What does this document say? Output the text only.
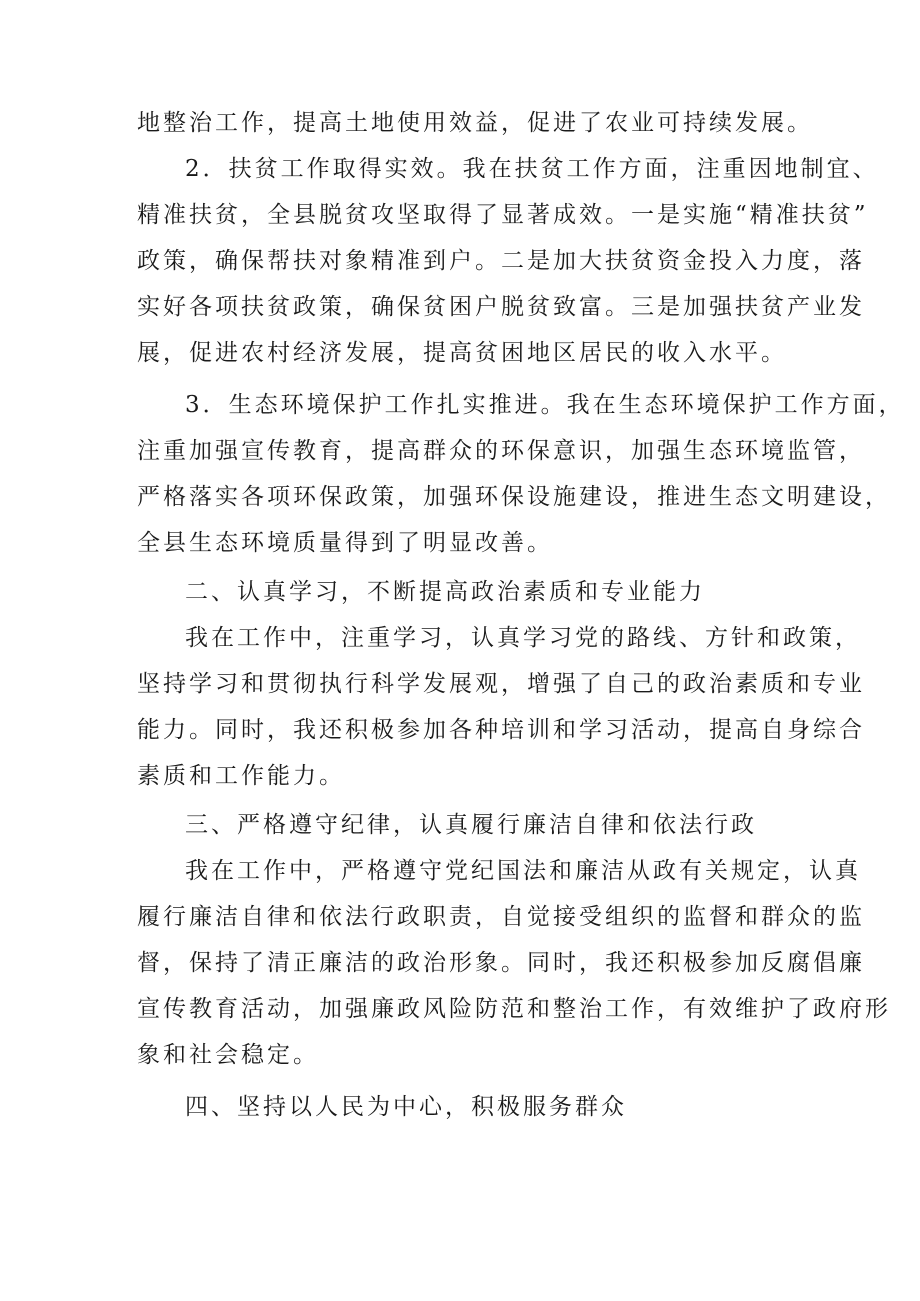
地整治工作，提高土地使用效益，促进了农业可持续发展。
2．扶贫工作取得实效。我在扶贫工作方面，注重因地制宜、
精准扶贫，全县脱贫攻坚取得了显著成效。一是实施“精准扶贫”
政策，确保帮扶对象精准到户。二是加大扶贫资金投入力度，落
实好各项扶贫政策，确保贫困户脱贫致富。三是加强扶贫产业发
展，促进农村经济发展，提高贫困地区居民的收入水平。
3．生态环境保护工作扎实推进。我在生态环境保护工作方面，
注重加强宣传教育，提高群众的环保意识，加强生态环境监管，
严格落实各项环保政策，加强环保设施建设，推进生态文明建设，
全县生态环境质量得到了明显改善。
二、认真学习，不断提高政治素质和专业能力
我在工作中，注重学习，认真学习党的路线、方针和政策，
坚持学习和贯彻执行科学发展观，增强了自己的政治素质和专业
能力。同时，我还积极参加各种培训和学习活动，提高自身综合
素质和工作能力。
三、严格遵守纪律，认真履行廉洁自律和依法行政
我在工作中，严格遵守党纪国法和廉洁从政有关规定，认真
履行廉洁自律和依法行政职责，自觉接受组织的监督和群众的监
督，保持了清正廉洁的政治形象。同时，我还积极参加反腐倡廉
宣传教育活动，加强廉政风险防范和整治工作，有效维护了政府形
象和社会稳定。
四、坚持以人民为中心，积极服务群众
